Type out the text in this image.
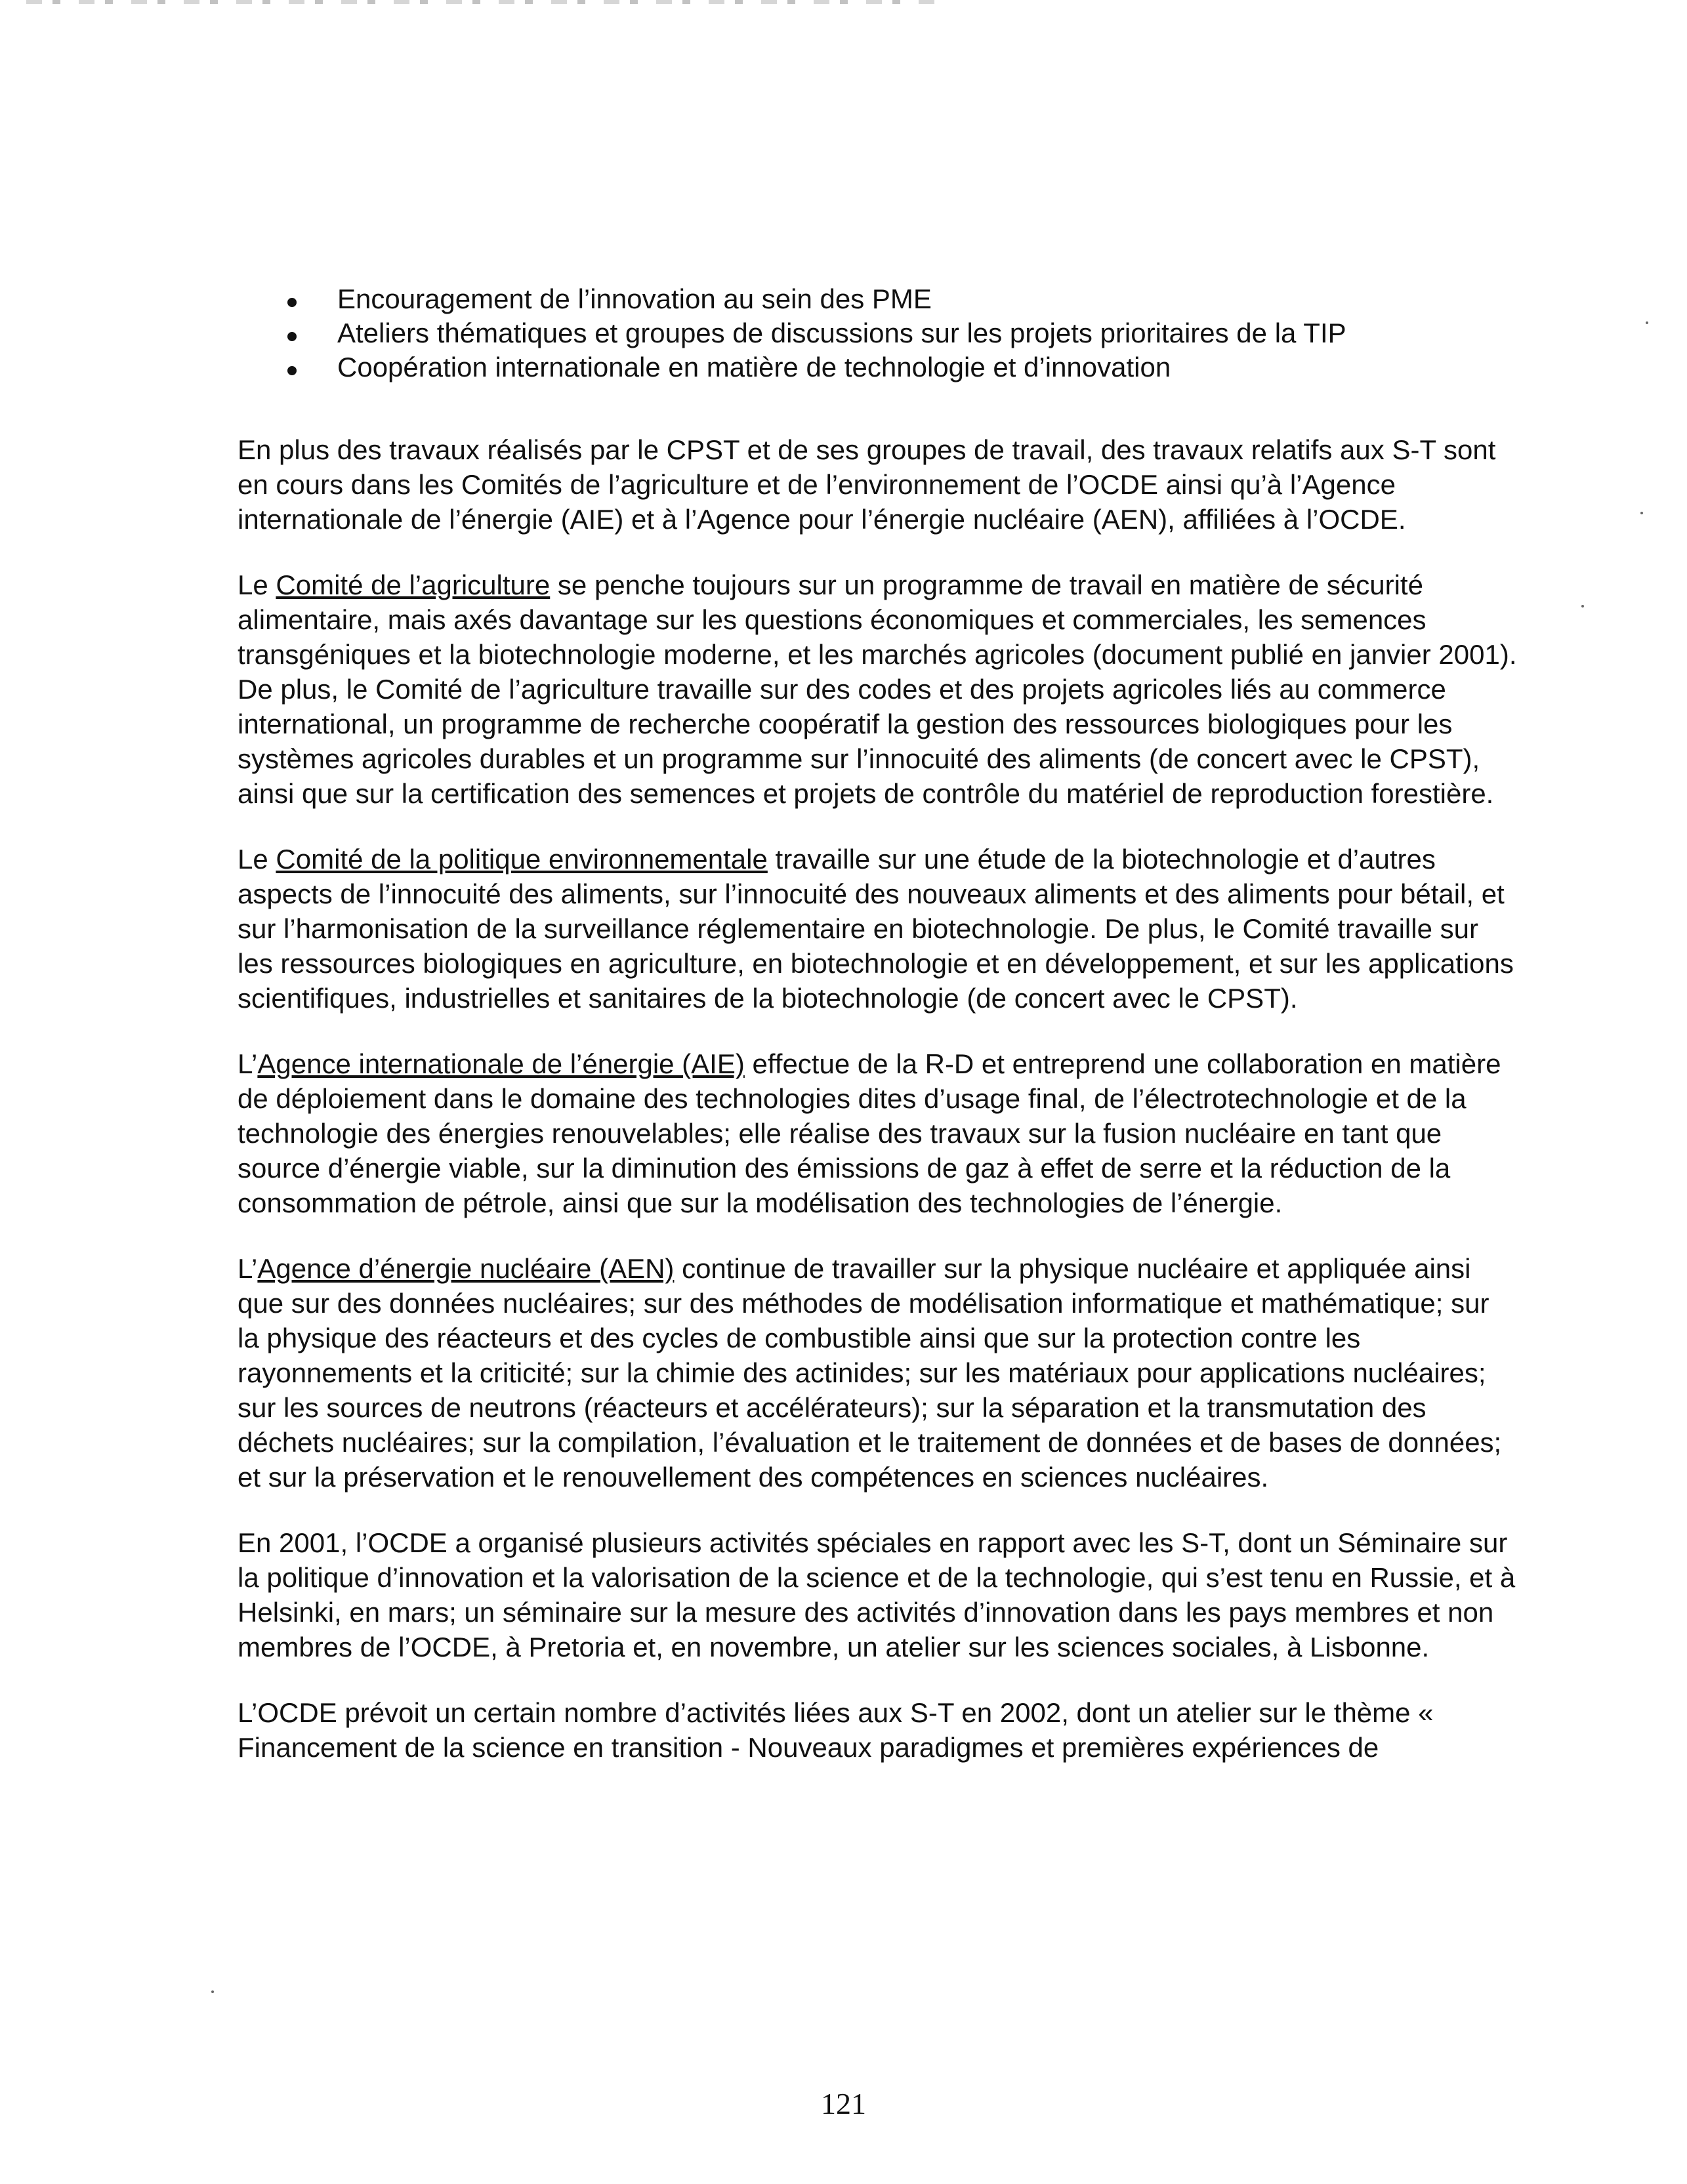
Encouragement de l’innovation au sein des PME
Ateliers thématiques et groupes de discussions sur les projets prioritaires de la TIP
Coopération internationale en matière de technologie et d’innovation

En plus des travaux réalisés par le CPST et de ses groupes de travail, des travaux relatifs aux S-T sont en cours dans les Comités de l’agriculture et de l’environnement de l’OCDE ainsi qu’à l’Agence internationale de l’énergie (AIE) et à l’Agence pour l’énergie nucléaire (AEN), affiliées à l’OCDE.

Le Comité de l’agriculture se penche toujours sur un programme de travail en matière de sécurité alimentaire, mais axés davantage sur les questions économiques et commerciales, les semences transgéniques et la biotechnologie moderne, et les marchés agricoles (document publié en janvier 2001). De plus, le Comité de l’agriculture travaille sur des codes et des projets agricoles liés au commerce international, un programme de recherche coopératif la gestion des ressources biologiques pour les systèmes agricoles durables et un programme sur l’innocuité des aliments (de concert avec le CPST), ainsi que sur la certification des semences et projets de contrôle du matériel de reproduction forestière.

Le Comité de la politique environnementale travaille sur une étude de la biotechnologie et d’autres aspects de l’innocuité des aliments, sur l’innocuité des nouveaux aliments et des aliments pour bétail, et sur l’harmonisation de la surveillance réglementaire en biotechnologie. De plus, le Comité travaille sur les ressources biologiques en agriculture, en biotechnologie et en développement, et sur les applications scientifiques, industrielles et sanitaires de la biotechnologie (de concert avec le CPST).

L’Agence internationale de l’énergie (AIE) effectue de la R-D et entreprend une collaboration en matière de déploiement dans le domaine des technologies dites d’usage final, de l’électrotechnologie et de la technologie des énergies renouvelables; elle réalise des travaux sur la fusion nucléaire en tant que source d’énergie viable, sur la diminution des émissions de gaz à effet de serre et la réduction de la consommation de pétrole, ainsi que sur la modélisation des technologies de l’énergie.

L’Agence d’énergie nucléaire (AEN) continue de travailler sur la physique nucléaire et appliquée ainsi que sur des données nucléaires; sur des méthodes de modélisation informatique et mathématique; sur la physique des réacteurs et des cycles de combustible ainsi que sur la protection contre les rayonnements et la criticité; sur la chimie des actinides; sur les matériaux pour applications nucléaires; sur les sources de neutrons (réacteurs et accélérateurs); sur la séparation et la transmutation des déchets nucléaires; sur la compilation, l’évaluation et le traitement de données et de bases de données; et sur la préservation et le renouvellement des compétences en sciences nucléaires.

En 2001, l’OCDE a organisé plusieurs activités spéciales en rapport avec les S-T, dont un Séminaire sur la politique d’innovation et la valorisation de la science et de la technologie, qui s’est tenu en Russie, et à Helsinki, en mars; un séminaire sur la mesure des activités d’innovation dans les pays membres et non membres de l’OCDE, à Pretoria et, en novembre, un atelier sur les sciences sociales, à Lisbonne.

L’OCDE prévoit un certain nombre d’activités liées aux S-T en 2002, dont un atelier sur le thème « Financement de la science en transition - Nouveaux paradigmes et premières expériences de

121
